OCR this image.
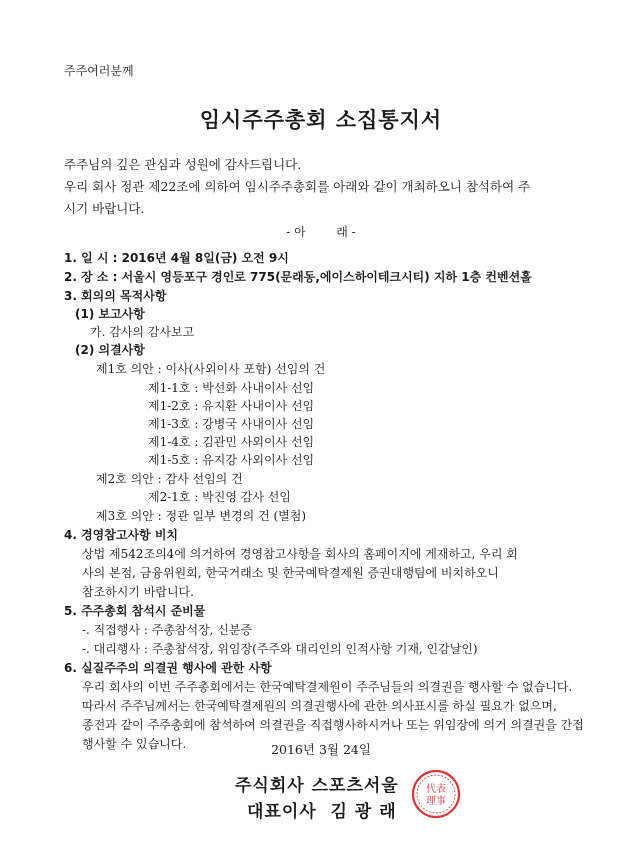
주주여러분께
임시주주총회 소집통지서
주주님의 깊은 관심과 성원에 감사드립니다.
우리 회사 정관 제22조에 의하여 임시주주총회를 아래와 같이 개최하오니 참석하여 주
시기 바랍니다.
- 아        래 -
1. 일 시 : 2016년 4월 8일(금) 오전 9시
2. 장 소 : 서울시 영등포구 경인로 775(문래동,에이스하이테크시티) 지하 1층 컨벤션홀
3. 회의의 목적사항
(1) 보고사항
가. 감사의 감사보고
(2) 의결사항
제1호 의안 : 이사(사외이사 포함) 선임의 건
제1-1호 : 박선화 사내이사 선임
제1-2호 : 유지환 사내이사 선임
제1-3호 : 강병국 사내이사 선임
제1-4호 : 김관민 사외이사 선임
제1-5호 : 유지강 사외이사 선임
제2호 의안 : 감사 선임의 건
제2-1호 : 박진영 감사 선임
제3호 의안 : 정관 일부 변경의 건 (별첨)
4. 경영참고사항 비치
상법 제542조의4에 의거하여 경영참고사항을 회사의 홈페이지에 게재하고, 우리 회
사의 본점, 금융위원회, 한국거래소 및 한국예탁결제원 증권대행팀에 비치하오니
참조하시기 바랍니다.
5. 주주총회 참석시 준비물
-. 직접행사 : 주총참석장, 신분증
-. 대리행사 : 주총참석장, 위임장(주주와 대리인의 인적사항 기재, 인감날인)
6. 실질주주의 의결권 행사에 관한 사항
우리 회사의 이번 주주총회에서는 한국예탁결제원이 주주님들의 의결권을 행사할 수 없습니다.
따라서 주주님께서는 한국예탁결제원의 의결권행사에 관한 의사표시를 하실 필요가 없으며,
종전과 같이 주주총회에 참석하여 의결권을 직접행사하시거나 또는 위임장에 의거 의결권을 간접
행사할 수 있습니다.	2016년 3월 24일
주식회사 스포츠서울
대표이사  김 광 래
代表
理事
